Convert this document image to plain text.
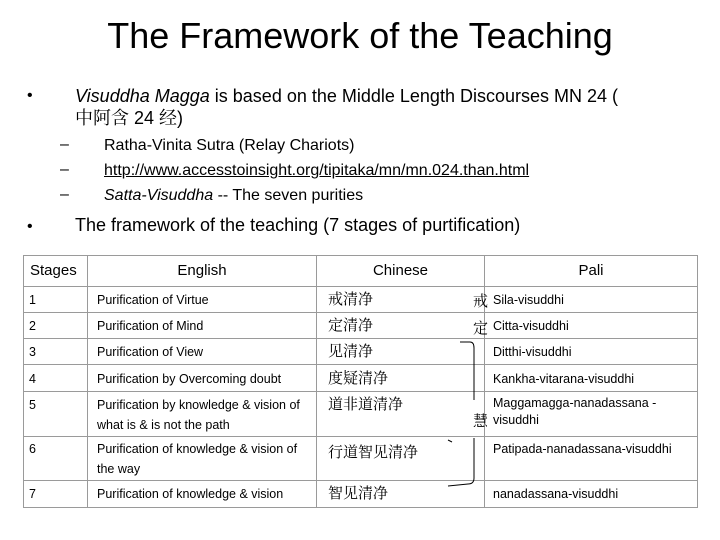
The Framework of the Teaching
• Visuddha Magga is based on the Middle Length Discourses MN 24 (
中阿含 24 经)
– Ratha-Vinita Sutra (Relay Chariots)
– http://www.accesstoinsight.org/tipitaka/mn/mn.024.than.html
– Satta-Visuddha -- The seven purities
• The framework of the teaching (7 stages of purtification)
Stages	English	Chinese	Pali
1	Purification of Virtue	戒清净	Sila-visuddhi
2	Purification of Mind	定清净	Citta-visuddhi
3	Purification of View	见清净	Ditthi-visuddhi
4	Purification by Overcoming doubt	度疑清净	Kankha-vitarana-visuddhi
5	Purification by knowledge & vision of what is & is not the path	道非道清净	Maggamagga-nanadassana -visuddhi
6	Purification of knowledge & vision of the way	行道智见清净	Patipada-nanadassana-visuddhi
7	Purification of knowledge & vision	智见清净	nanadassana-visuddhi
戒
定
慧
